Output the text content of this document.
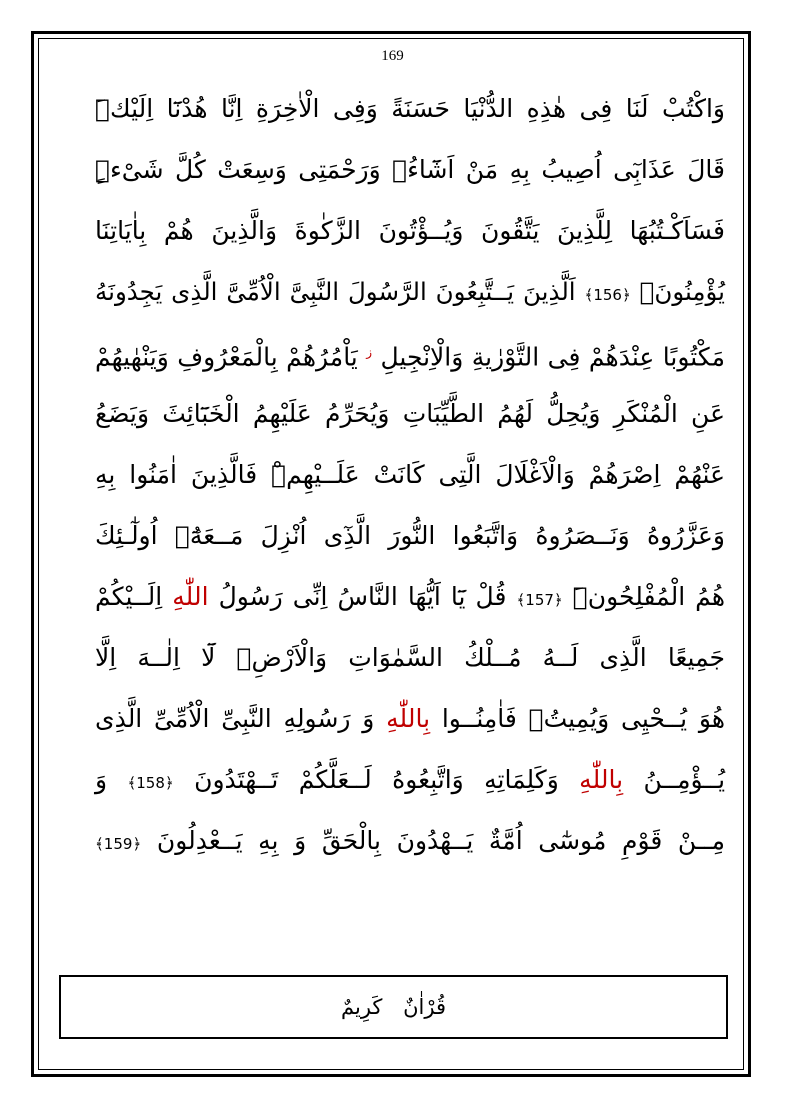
169
وَاكْتُبْ لَنَا فِى هٰذِهِ الدُّنْيَا حَسَنَةً وَفِى الْاٰخِرَةِ اِنَّا هُدْنَٓا اِلَيْكَۜ
قَالَ عَذَابِٓى اُصِيبُ بِهِ مَنْ اَشَٓاءُۚ وَرَحْمَتِى وَسِعَتْ كُلَّ شَیْءٍۜ
فَسَاَكْـتُبُهَا لِلَّذِينَ يَتَّقُونَ وَيُــؤْتُونَ الزَّكٰوةَ وَالَّذِينَ هُمْ بِاٰيَاتِنَا
يُؤْمِنُونَۚ ﴿156﴾ اَلَّذِينَ يَــتَّبِعُونَ الرَّسُولَ النَّبِیَّ الْاُمِّیَّ الَّذِى يَجِدُونَهُ
مَكْتُوبًا عِنْدَهُمْ فِى التَّوْرٰيةِ وَالْاِنْجِيلِ $^ز$ يَاْمُرُهُمْ بِالْمَعْرُوفِ وَيَنْهٰيهُمْ
عَنِ الْمُنْكَرِ وَيُحِلُّ لَهُمُ الطَّيِّبَاتِ وَيُحَرِّمُ عَلَيْهِمُ الْخَبَٓائِثَ وَيَضَعُ
عَنْهُمْ اِصْرَهُمْ وَالْاَغْلَالَ الَّتِى كَانَتْ عَلَــيْهِمْۜ فَالَّذِينَ اٰمَنُوا بِهِ
وَعَزَّرُوهُ وَنَــصَرُوهُ وَاتَّبَعُوا النُّورَ الَّذِٓى اُنْزِلَ مَــعَهُٓۙ اُولٰٓـئِكَ
هُمُ الْمُفْلِحُونَۜ ﴿157﴾ قُلْ يَٓا اَيُّهَا النَّاسُ اِنِّى رَسُولُ اللّٰهِ اِلَــيْكُمْ
جَمِيعًا الَّذِى لَــهُ مُــلْكُ السَّمٰوَاتِ وَالْاَرْضِۚ لَٓا اِلٰــهَ اِلَّا
هُوَ يُــحْيِى وَيُمِيتُۖ فَاٰمِنُــوا بِاللّٰهِ وَ رَسُولِهِ النَّبِیِّ الْاُمِّیِّ الَّذِى
يُــؤْمِــنُ بِاللّٰهِ وَكَلِمَاتِهِ وَاتَّبِعُوهُ لَــعَلَّكُمْ تَــهْتَدُونَ ﴿158﴾ وَ
مِــنْ قَوْمِ مُوسٰٓى اُمَّةٌ يَــهْدُونَ بِالْحَقِّ وَ بِهِ يَــعْدِلُونَ ﴿159﴾
قُرْاٰنٌ كَرِيمٌ
